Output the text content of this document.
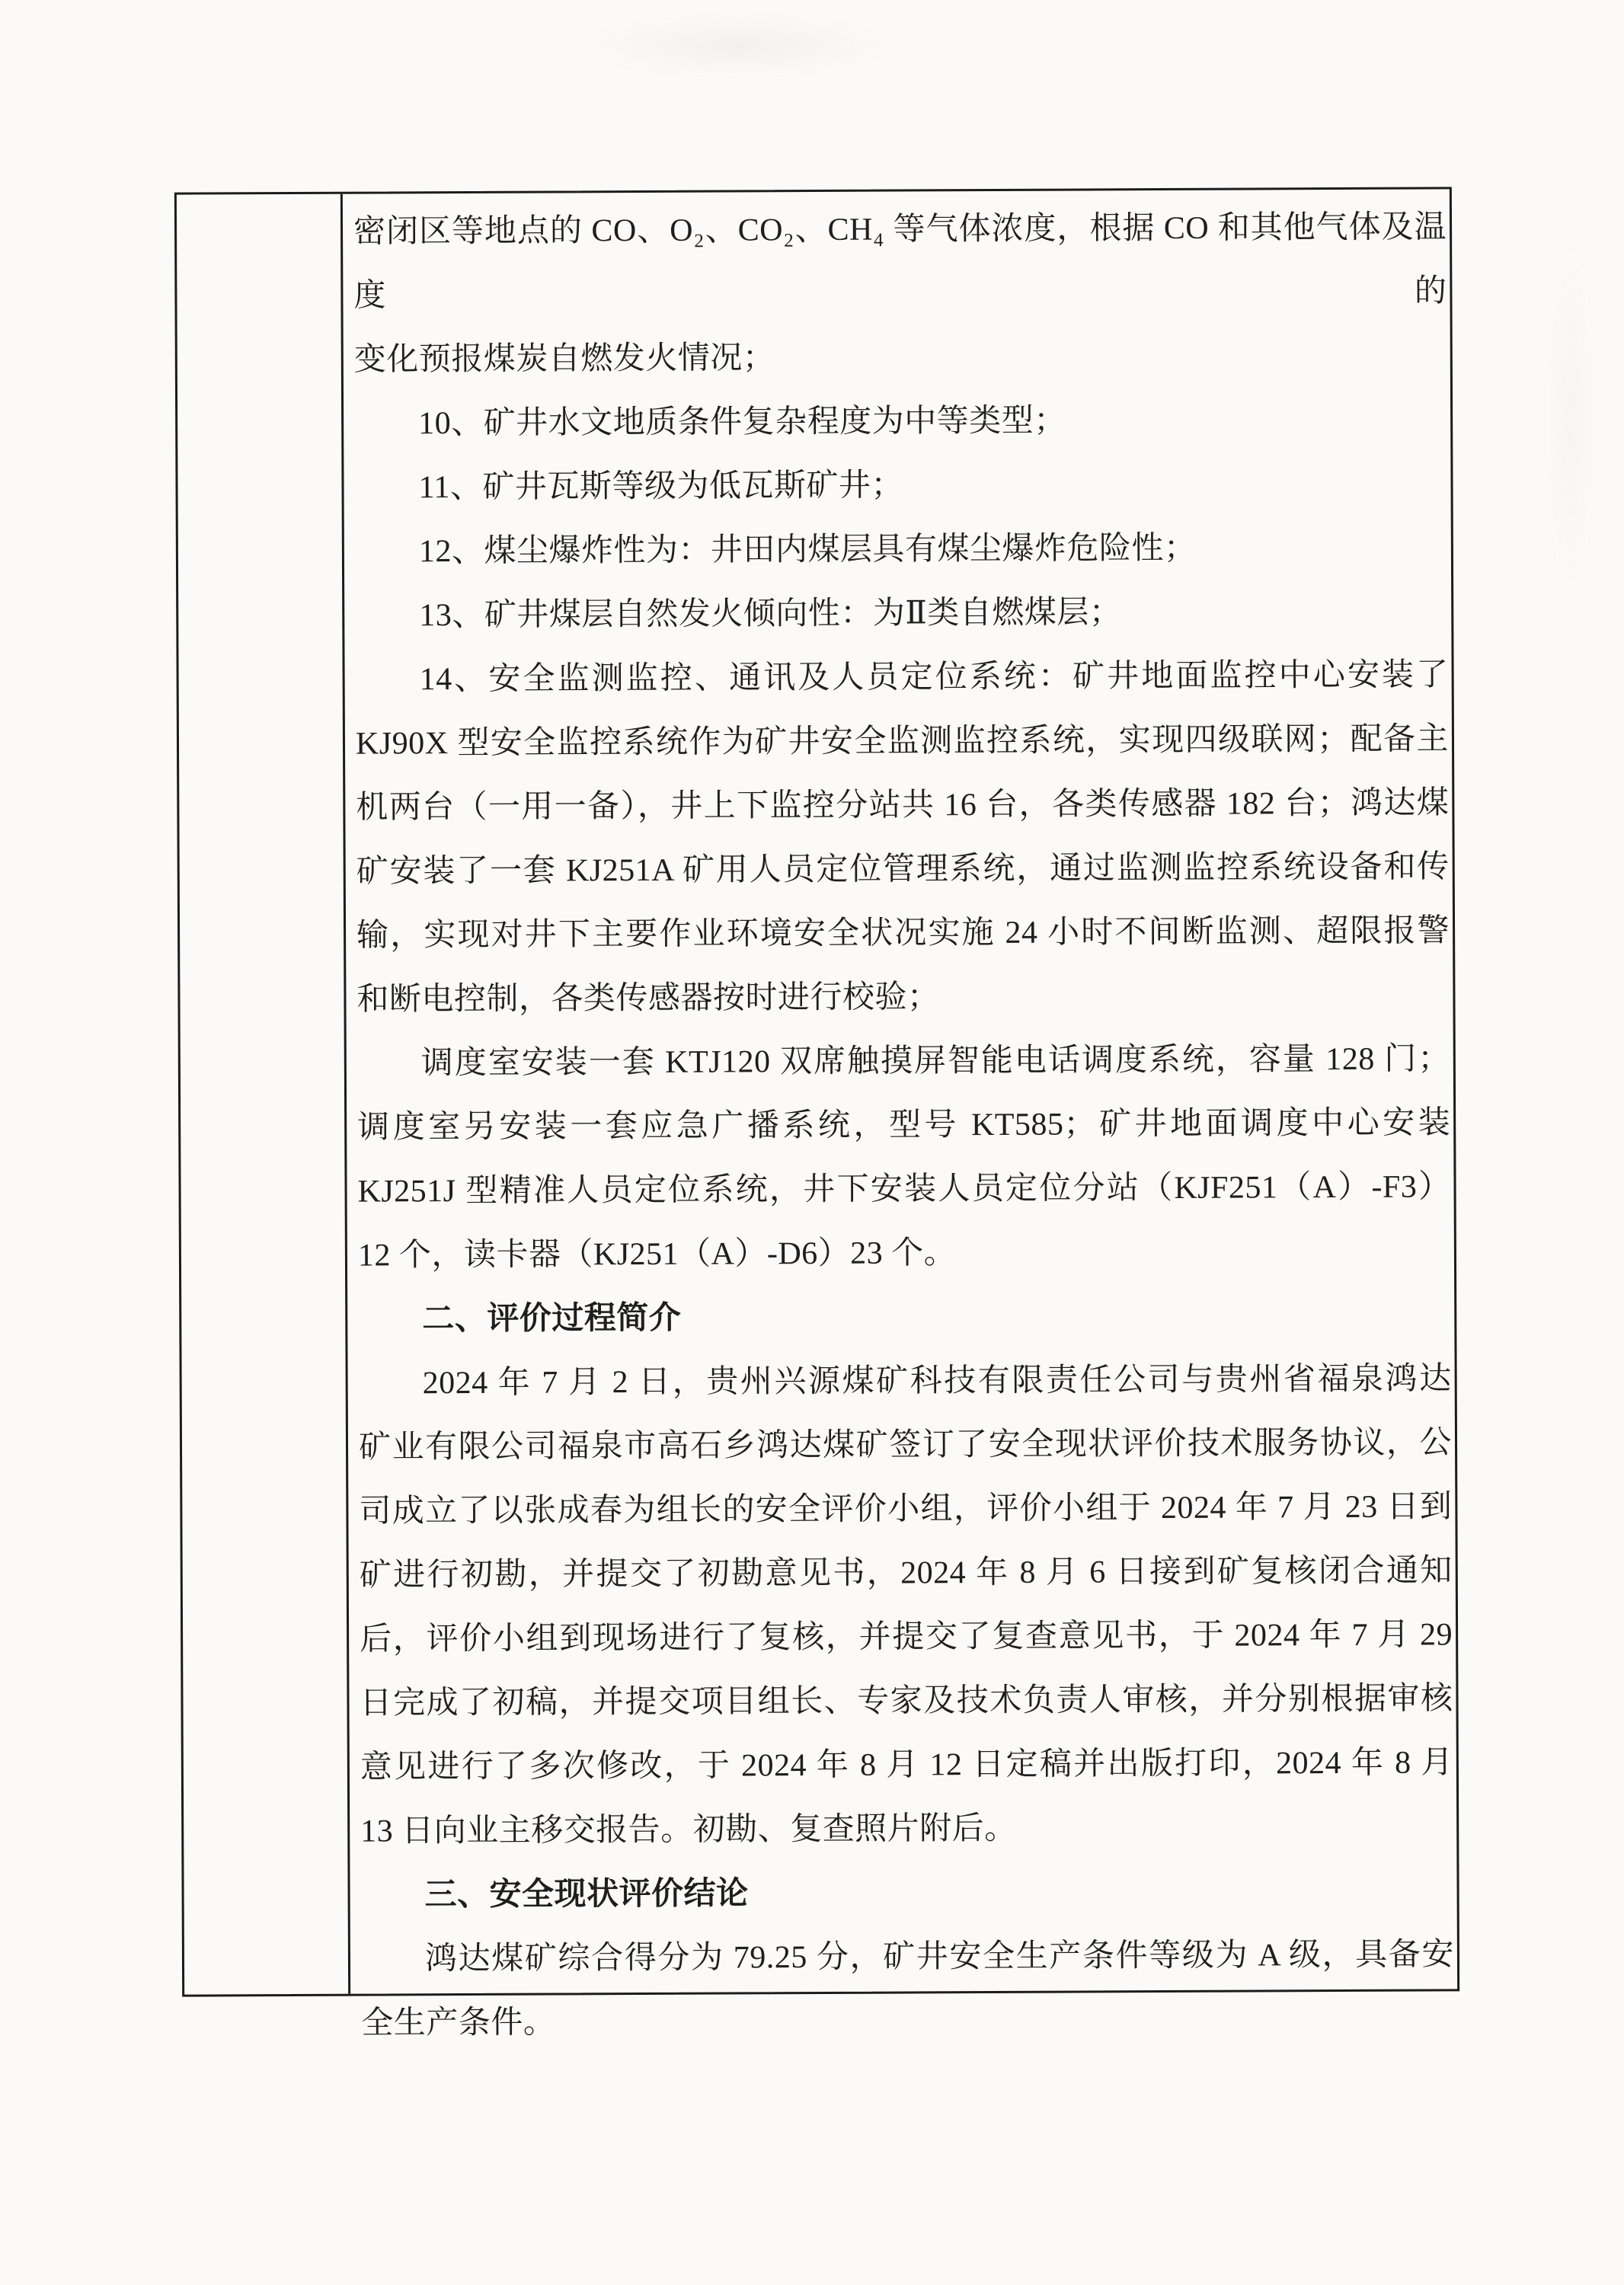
密闭区等地点的 CO、O₂、CO₂、CH₄ 等气体浓度，根据 CO 和其他气体及温度的
变化预报煤炭自燃发火情况；
10、矿井水文地质条件复杂程度为中等类型；
11、矿井瓦斯等级为低瓦斯矿井；
12、煤尘爆炸性为：井田内煤层具有煤尘爆炸危险性；
13、矿井煤层自然发火倾向性：为Ⅱ类自燃煤层；
14、安全监测监控、通讯及人员定位系统：矿井地面监控中心安装了
KJ90X 型安全监控系统作为矿井安全监测监控系统，实现四级联网；配备主
机两台（一用一备），井上下监控分站共 16 台，各类传感器 182 台；鸿达煤
矿安装了一套 KJ251A 矿用人员定位管理系统，通过监测监控系统设备和传
输，实现对井下主要作业环境安全状况实施 24 小时不间断监测、超限报警
和断电控制，各类传感器按时进行校验；
调度室安装一套 KTJ120 双席触摸屏智能电话调度系统，容量 128 门；
调度室另安装一套应急广播系统，型号 KT585；矿井地面调度中心安装
KJ251J 型精准人员定位系统，井下安装人员定位分站（KJF251（A）-F3）
12 个，读卡器（KJ251（A）-D6）23 个。
二、评价过程简介
2024 年 7 月 2 日，贵州兴源煤矿科技有限责任公司与贵州省福泉鸿达
矿业有限公司福泉市高石乡鸿达煤矿签订了安全现状评价技术服务协议，公
司成立了以张成春为组长的安全评价小组，评价小组于 2024 年 7 月 23 日到
矿进行初勘，并提交了初勘意见书，2024 年 8 月 6 日接到矿复核闭合通知
后，评价小组到现场进行了复核，并提交了复查意见书，于 2024 年 7 月 29
日完成了初稿，并提交项目组长、专家及技术负责人审核，并分别根据审核
意见进行了多次修改，于 2024 年 8 月 12 日定稿并出版打印，2024 年 8 月
13 日向业主移交报告。初勘、复查照片附后。
三、安全现状评价结论
鸿达煤矿综合得分为 79.25 分，矿井安全生产条件等级为 A 级，具备安
全生产条件。
